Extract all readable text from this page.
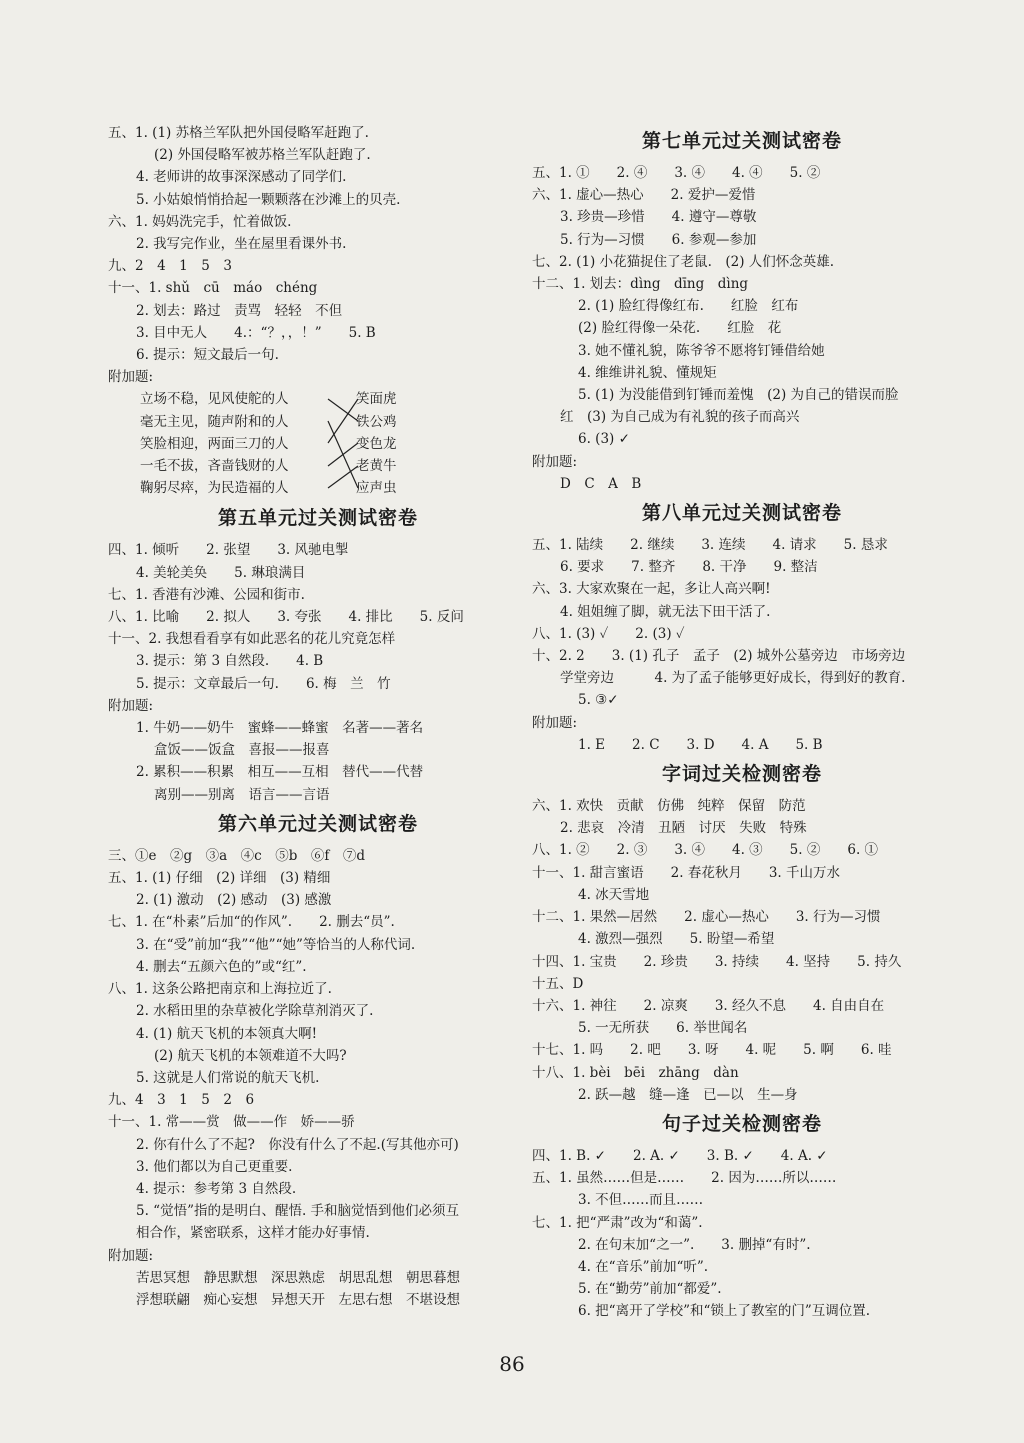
五、1. (1) 苏格兰军队把外国侵略军赶跑了.
(2) 外国侵略军被苏格兰军队赶跑了.
4. 老师讲的故事深深感动了同学们.
5. 小姑娘悄悄拾起一颗颗落在沙滩上的贝壳.
六、1. 妈妈洗完手，忙着做饭.
2. 我写完作业，坐在屋里看课外书.
九、2　4　1　5　3
十一、1. shǔ　cū　máo　chéng
2. 划去：路过　责骂　轻轻　不但
3. 目中无人　　4.：“？，，！”　　5. B
6. 提示：短文最后一句.
附加题:
立场不稳，见风使舵的人
毫无主见，随声附和的人
笑脸相迎，两面三刀的人
一毛不拔，吝啬钱财的人
鞠躬尽瘁，为民造福的人
笑面虎
铁公鸡
变色龙
老黄牛
应声虫
第五单元过关测试密卷
四、1. 倾听　　2. 张望　　3. 风驰电掣
4. 美轮美奂　　5. 琳琅满目
七、1. 香港有沙滩、公园和街市.
八、1. 比喻　　2. 拟人　　3. 夸张　　4. 排比　　5. 反问
十一、2. 我想看看享有如此恶名的花儿究竟怎样
3. 提示：第 3 自然段.　　4. B
5. 提示：文章最后一句.　　6. 梅　兰　竹
附加题:
1. 牛奶——奶牛　蜜蜂——蜂蜜　名著——著名
盒饭——饭盒　喜报——报喜
2. 累积——积累　相互——互相　替代——代替
离别——别离　语言——言语
第六单元过关测试密卷
三、①e　②g　③a　④c　⑤b　⑥f　⑦d
五、1. (1) 仔细　(2) 详细　(3) 精细
2. (1) 激动　(2) 感动　(3) 感激
七、1. 在“朴素”后加“的作风”.　　2. 删去“员”.
3. 在“受”前加“我”“他”“她”等恰当的人称代词.
4. 删去“五颜六色的”或“红”.
八、1. 这条公路把南京和上海拉近了.
2. 水稻田里的杂草被化学除草剂消灭了.
4. (1) 航天飞机的本领真大啊!
(2) 航天飞机的本领难道不大吗?
5. 这就是人们常说的航天飞机.
九、4　3　1　5　2　6
十一、1. 常——赏　做——作　娇——骄
2. 你有什么了不起?　你没有什么了不起.(写其他亦可)
3. 他们都以为自己更重要.
4. 提示：参考第 3 自然段.
5. “觉悟”指的是明白、醒悟. 手和脑觉悟到他们必须互
相合作，紧密联系，这样才能办好事情.
附加题:
苦思冥想　静思默想　深思熟虑　胡思乱想　朝思暮想
浮想联翩　痴心妄想　异想天开　左思右想　不堪设想
第七单元过关测试密卷
五、1. ①　　2. ④　　3. ④　　4. ④　　5. ②
六、1. 虚心—热心　　2. 爱护—爱惜
3. 珍贵—珍惜　　4. 遵守—尊敬
5. 行为—习惯　　6. 参观—参加
七、2. (1) 小花猫捉住了老鼠.　(2) 人们怀念英雄.
十二、1. 划去：dìng　dīng　dìng
2. (1) 脸红得像红布.　　红脸　红布
(2) 脸红得像一朵花.　　红脸　花
3. 她不懂礼貌，陈爷爷不愿将钉锤借给她
4. 维维讲礼貌、懂规矩
5. (1) 为没能借到钉锤而羞愧　(2) 为自己的错误而脸
红　(3) 为自己成为有礼貌的孩子而高兴
6. (3) ✓
附加题:
D　C　A　B
第八单元过关测试密卷
五、1. 陆续　　2. 继续　　3. 连续　　4. 请求　　5. 恳求
6. 要求　　7. 整齐　　8. 干净　　9. 整洁
六、3. 大家欢聚在一起，多让人高兴啊!
4. 姐姐缠了脚，就无法下田干活了.
八、1. (3) ✓　　2. (3) ✓
十、2. 2　　3. (1) 孔子　孟子　(2) 城外公墓旁边　市场旁边
学堂旁边　　　4. 为了孟子能够更好成长，得到好的教育.
5. ③✓
附加题:
1. E　　2. C　　3. D　　4. A　　5. B
字词过关检测密卷
六、1. 欢快　贡献　仿佛　纯粹　保留　防范
2. 悲哀　冷清　丑陋　讨厌　失败　特殊
八、1. ②　　2. ③　　3. ④　　4. ③　　5. ②　　6. ①
十一、1. 甜言蜜语　　2. 春花秋月　　3. 千山万水
4. 冰天雪地
十二、1. 果然—居然　　2. 虚心—热心　　3. 行为—习惯
4. 激烈—强烈　　5. 盼望—希望
十四、1. 宝贵　　2. 珍贵　　3. 持续　　4. 坚持　　5. 持久
十五、D
十六、1. 神往　　2. 凉爽　　3. 经久不息　　4. 自由自在
5. 一无所获　　6. 举世闻名
十七、1. 吗　　2. 吧　　3. 呀　　4. 呢　　5. 啊　　6. 哇
十八、1. bèi　bēi　zhāng　dàn
2. 跃—越　缝—逢　已—以　生—身
句子过关检测密卷
四、1. B. ✓　　2. A. ✓　　3. B. ✓　　4. A. ✓
五、1. 虽然……但是……　　2. 因为……所以……
3. 不但……而且……
七、1. 把“严肃”改为“和蔼”.
2. 在句末加“之一”.　　3. 删掉“有时”.
4. 在“音乐”前加“听”.
5. 在“勤劳”前加“都爱”.
6. 把“离开了学校”和“锁上了教室的门”互调位置.
86
